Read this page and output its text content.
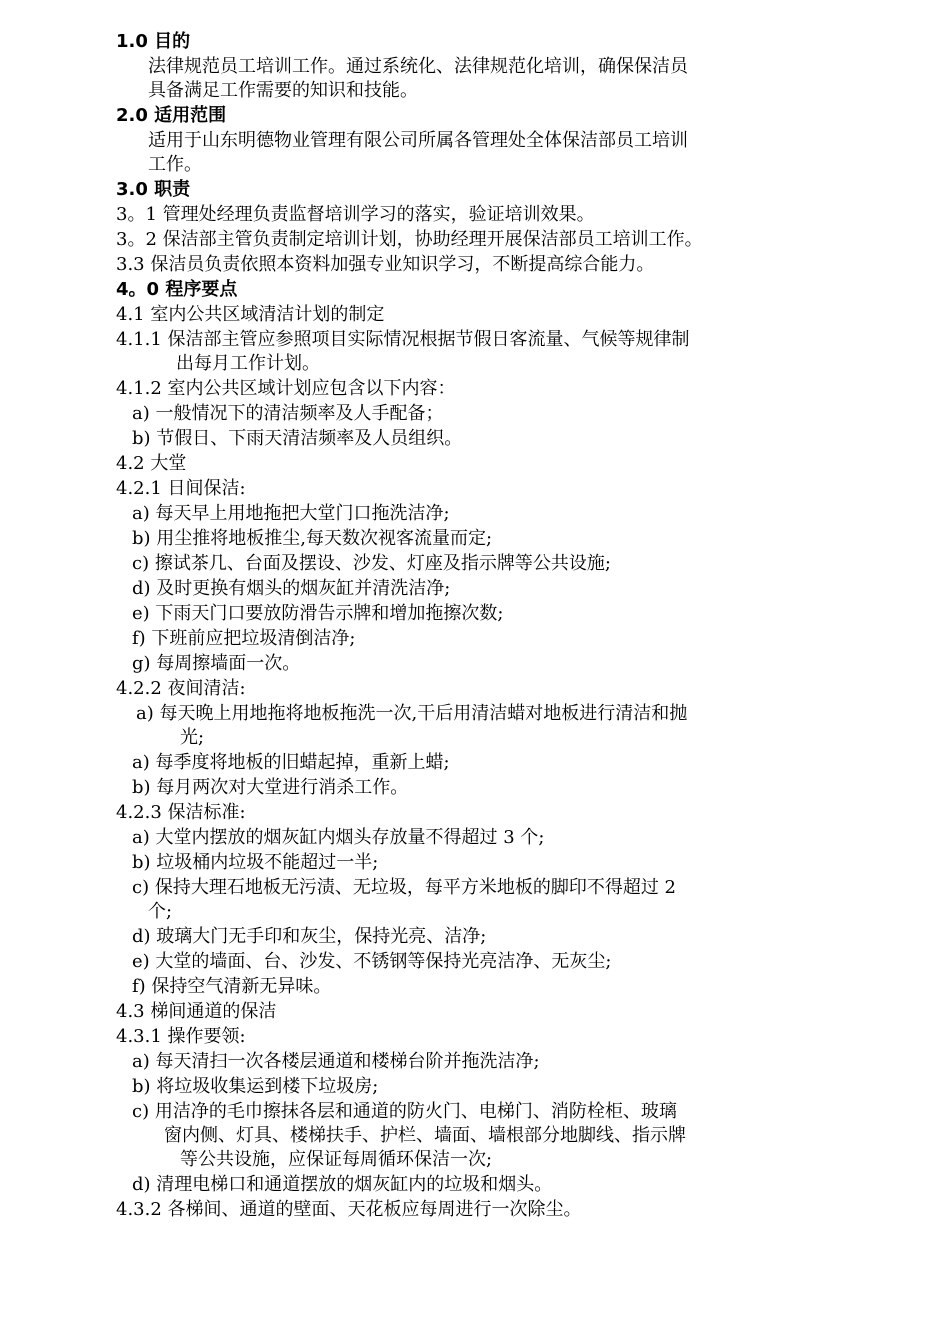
1.0 目的
法律规范员工培训工作。通过系统化、法律规范化培训，确保保洁员
具备满足工作需要的知识和技能。
2.0 适用范围
适用于山东明德物业管理有限公司所属各管理处全体保洁部员工培训
工作。
3.0 职责
3。1 管理处经理负责监督培训学习的落实，验证培训效果。
3。2 保洁部主管负责制定培训计划，协助经理开展保洁部员工培训工作。
3.3 保洁员负责依照本资料加强专业知识学习，不断提高综合能力。
4。0 程序要点
4.1 室内公共区域清洁计划的制定
4.1.1 保洁部主管应参照项目实际情况根据节假日客流量、气候等规律制
出每月工作计划。
4.1.2 室内公共区域计划应包含以下内容：
a) 一般情况下的清洁频率及人手配备；
b) 节假日、下雨天清洁频率及人员组织。
4.2 大堂
4.2.1 日间保洁:
a) 每天早上用地拖把大堂门口拖洗洁净;
b) 用尘推将地板推尘,每天数次视客流量而定;
c) 擦试茶几、台面及摆设、沙发、灯座及指示牌等公共设施;
d) 及时更换有烟头的烟灰缸并清洗洁净;
e) 下雨天门口要放防滑告示牌和增加拖擦次数;
f) 下班前应把垃圾清倒洁净;
g) 每周擦墙面一次。
4.2.2 夜间清洁:
a) 每天晚上用地拖将地板拖洗一次,干后用清洁蜡对地板进行清洁和抛
光;
a) 每季度将地板的旧蜡起掉，重新上蜡;
b) 每月两次对大堂进行消杀工作。
4.2.3 保洁标准:
a) 大堂内摆放的烟灰缸内烟头存放量不得超过 3 个;
b) 垃圾桶内垃圾不能超过一半;
c) 保持大理石地板无污渍、无垃圾，每平方米地板的脚印不得超过 2
个;
d) 玻璃大门无手印和灰尘，保持光亮、洁净;
e) 大堂的墙面、台、沙发、不锈钢等保持光亮洁净、无灰尘;
f) 保持空气清新无异味。
4.3 梯间通道的保洁
4.3.1 操作要领:
a) 每天清扫一次各楼层通道和楼梯台阶并拖洗洁净;
b) 将垃圾收集运到楼下垃圾房;
c) 用洁净的毛巾擦抹各层和通道的防火门、电梯门、消防栓柜、玻璃
窗内侧、灯具、楼梯扶手、护栏、墙面、墙根部分地脚线、指示牌
等公共设施，应保证每周循环保洁一次;
d) 清理电梯口和通道摆放的烟灰缸内的垃圾和烟头。
4.3.2 各梯间、通道的壁面、天花板应每周进行一次除尘。
